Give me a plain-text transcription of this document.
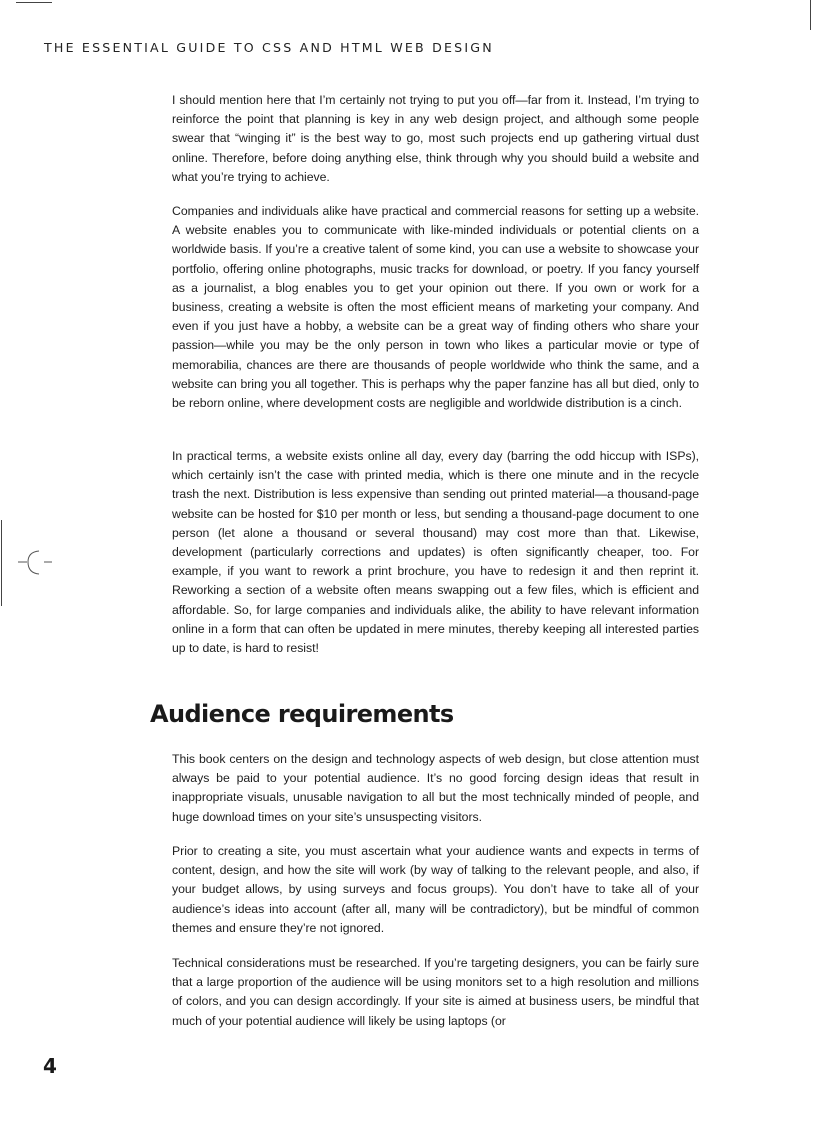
THE ESSENTIAL GUIDE TO CSS AND HTML WEB DESIGN

I should mention here that I’m certainly not trying to put you off—far from it. Instead, I’m trying to reinforce the point that planning is key in any web design project, and although some people swear that “winging it” is the best way to go, most such projects end up gathering virtual dust online. Therefore, before doing anything else, think through why you should build a website and what you’re trying to achieve.

Companies and individuals alike have practical and commercial reasons for setting up a website. A website enables you to communicate with like-minded individuals or potential clients on a worldwide basis. If you’re a creative talent of some kind, you can use a website to showcase your portfolio, offering online photographs, music tracks for download, or poetry. If you fancy yourself as a journalist, a blog enables you to get your opinion out there. If you own or work for a business, creating a website is often the most efficient means of marketing your company. And even if you just have a hobby, a website can be a great way of finding others who share your passion—while you may be the only person in town who likes a particular movie or type of memorabilia, chances are there are thousands of people worldwide who think the same, and a website can bring you all together. This is perhaps why the paper fanzine has all but died, only to be reborn online, where development costs are negligible and worldwide distribution is a cinch.

In practical terms, a website exists online all day, every day (barring the odd hiccup with ISPs), which certainly isn’t the case with printed media, which is there one minute and in the recycle trash the next. Distribution is less expensive than sending out printed material—a thousand-page website can be hosted for $10 per month or less, but sending a thousand-page document to one person (let alone a thousand or several thousand) may cost more than that. Likewise, development (particularly corrections and updates) is often significantly cheaper, too. For example, if you want to rework a print brochure, you have to redesign it and then reprint it. Reworking a section of a website often means swapping out a few files, which is efficient and affordable. So, for large companies and individuals alike, the ability to have relevant information online in a form that can often be updated in mere minutes, thereby keeping all interested parties up to date, is hard to resist!

Audience requirements

This book centers on the design and technology aspects of web design, but close attention must always be paid to your potential audience. It’s no good forcing design ideas that result in inappropriate visuals, unusable navigation to all but the most technically minded of people, and huge download times on your site’s unsuspecting visitors.

Prior to creating a site, you must ascertain what your audience wants and expects in terms of content, design, and how the site will work (by way of talking to the relevant people, and also, if your budget allows, by using surveys and focus groups). You don’t have to take all of your audience’s ideas into account (after all, many will be contradictory), but be mindful of common themes and ensure they’re not ignored.

Technical considerations must be researched. If you’re targeting designers, you can be fairly sure that a large proportion of the audience will be using monitors set to a high resolution and millions of colors, and you can design accordingly. If your site is aimed at business users, be mindful that much of your potential audience will likely be using laptops (or

4
